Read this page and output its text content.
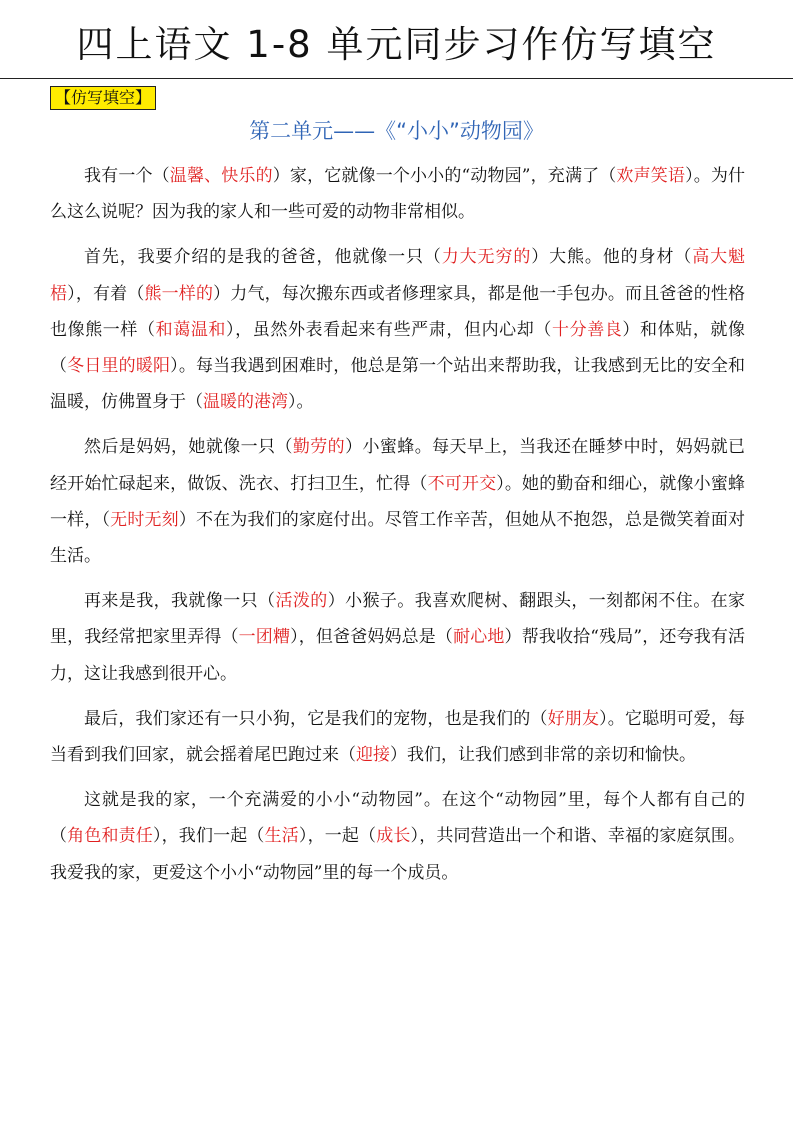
四上语文 1-8 单元同步习作仿写填空
【仿写填空】
第二单元——《“小小”动物园》

我有一个（温馨、快乐的）家，它就像一个小小的“动物园”，充满了（欢声笑语）。为什么这么说呢？因为我的家人和一些可爱的动物非常相似。

首先，我要介绍的是我的爸爸，他就像一只（力大无穷的）大熊。他的身材（高大魁梧），有着（熊一样的）力气，每次搬东西或者修理家具，都是他一手包办。而且爸爸的性格也像熊一样（和蔼温和），虽然外表看起来有些严肃，但内心却（十分善良）和体贴，就像（冬日里的暖阳）。每当我遇到困难时，他总是第一个站出来帮助我，让我感到无比的安全和温暖，仿佛置身于（温暖的港湾）。

然后是妈妈，她就像一只（勤劳的）小蜜蜂。每天早上，当我还在睡梦中时，妈妈就已经开始忙碌起来，做饭、洗衣、打扫卫生，忙得（不可开交）。她的勤奋和细心，就像小蜜蜂一样，（无时无刻）不在为我们的家庭付出。尽管工作辛苦，但她从不抱怨，总是微笑着面对生活。

再来是我，我就像一只（活泼的）小猴子。我喜欢爬树、翻跟头，一刻都闲不住。在家里，我经常把家里弄得（一团糟），但爸爸妈妈总是（耐心地）帮我收拾“残局”，还夸我有活力，这让我感到很开心。

最后，我们家还有一只小狗，它是我们的宠物，也是我们的（好朋友）。它聪明可爱，每当看到我们回家，就会摇着尾巴跑过来（迎接）我们，让我们感到非常的亲切和愉快。

这就是我的家，一个充满爱的小小“动物园”。在这个“动物园”里，每个人都有自己的（角色和责任），我们一起（生活），一起（成长），共同营造出一个和谐、幸福的家庭氛围。我爱我的家，更爱这个小小“动物园”里的每一个成员。
